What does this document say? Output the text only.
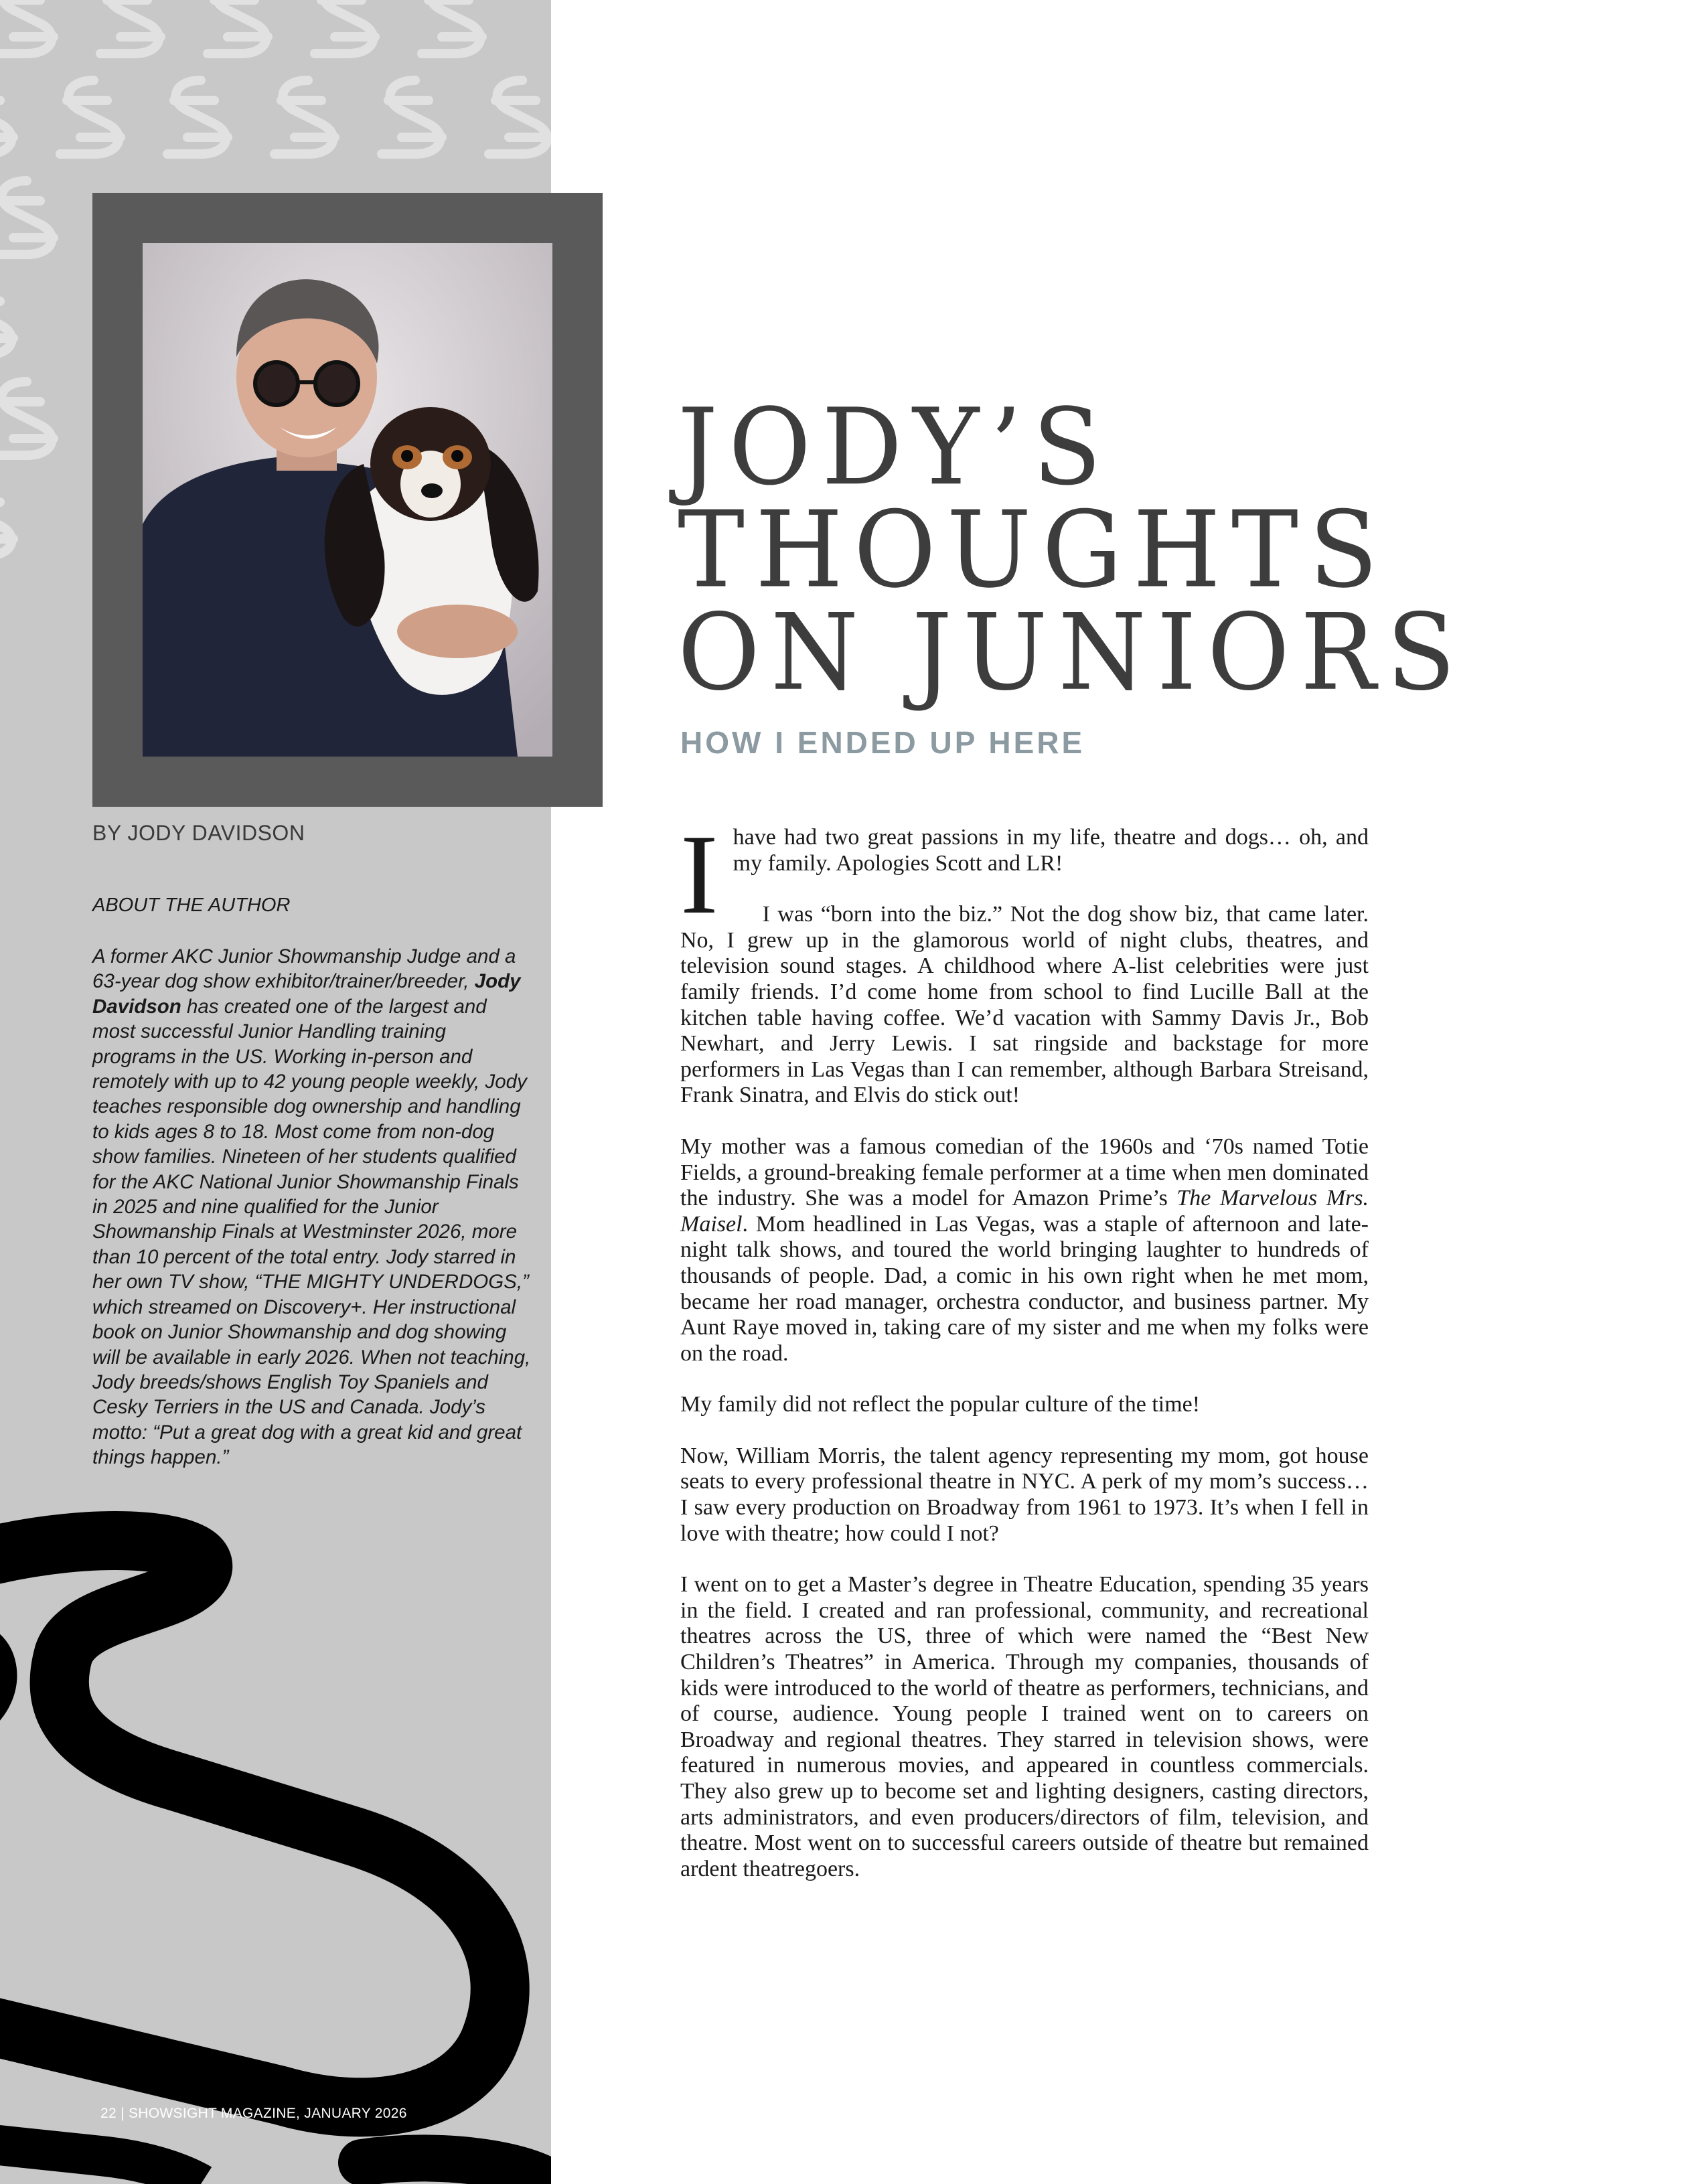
BY JODY DAVIDSON
ABOUT THE AUTHOR

A former AKC Junior Showmanship Judge and a 63-year dog show exhibitor/trainer/breeder, Jody Davidson has created one of the largest and most successful Junior Handling training programs in the US. Working in-person and remotely with up to 42 young people weekly, Jody teaches responsible dog ownership and handling to kids ages 8 to 18. Most come from non-dog show families. Nineteen of her students qualified for the AKC National Junior Showmanship Finals in 2025 and nine qualified for the Junior Showmanship Finals at Westminster 2026, more than 10 percent of the total entry. Jody starred in her own TV show, “THE MIGHTY UNDERDOGS,” which streamed on Discovery+. Her instructional book on Junior Showmanship and dog showing will be available in early 2026. When not teaching, Jody breeds/shows English Toy Spaniels and Cesky Terriers in the US and Canada. Jody’s motto: “Put a great dog with a great kid and great things happen.”

22 | SHOWSIGHT MAGAZINE, JANUARY 2026
JODY’S
THOUGHTS
ON JUNIORS
HOW I ENDED UP HERE

I have had two great passions in my life, theatre and dogs… oh, and my family. Apologies Scott and LR!

I was “born into the biz.” Not the dog show biz, that came later. No, I grew up in the glamorous world of night clubs, theatres, and television sound stages. A childhood where A-list celebrities were just family friends. I’d come home from school to find Lucille Ball at the kitchen table having coffee. We’d vacation with Sammy Davis Jr., Bob Newhart, and Jerry Lewis. I sat ringside and backstage for more performers in Las Vegas than I can remember, although Barbara Streisand, Frank Sinatra, and Elvis do stick out!

My mother was a famous comedian of the 1960s and ‘70s named Totie Fields, a ground-breaking female performer at a time when men dominated the industry. She was a model for Amazon Prime’s The Marvelous Mrs. Maisel. Mom headlined in Las Vegas, was a staple of afternoon and late-night talk shows, and toured the world bringing laughter to hundreds of thousands of people. Dad, a comic in his own right when he met mom, became her road manager, orchestra conductor, and business partner. My Aunt Raye moved in, taking care of my sister and me when my folks were on the road.

My family did not reflect the popular culture of the time!

Now, William Morris, the talent agency representing my mom, got house seats to every professional theatre in NYC. A perk of my mom’s success… I saw every production on Broadway from 1961 to 1973. It’s when I fell in love with theatre; how could I not?

I went on to get a Master’s degree in Theatre Education, spending 35 years in the field. I created and ran professional, community, and recreational theatres across the US, three of which were named the “Best New Children’s Theatres” in America. Through my companies, thousands of kids were introduced to the world of theatre as performers, technicians, and of course, audience. Young people I trained went on to careers on Broadway and regional theatres. They starred in television shows, were featured in numerous movies, and appeared in countless commercials. They also grew up to become set and lighting designers, casting directors, arts administrators, and even producers/directors of film, television, and theatre. Most went on to successful careers outside of theatre but remained ardent theatregoers.
